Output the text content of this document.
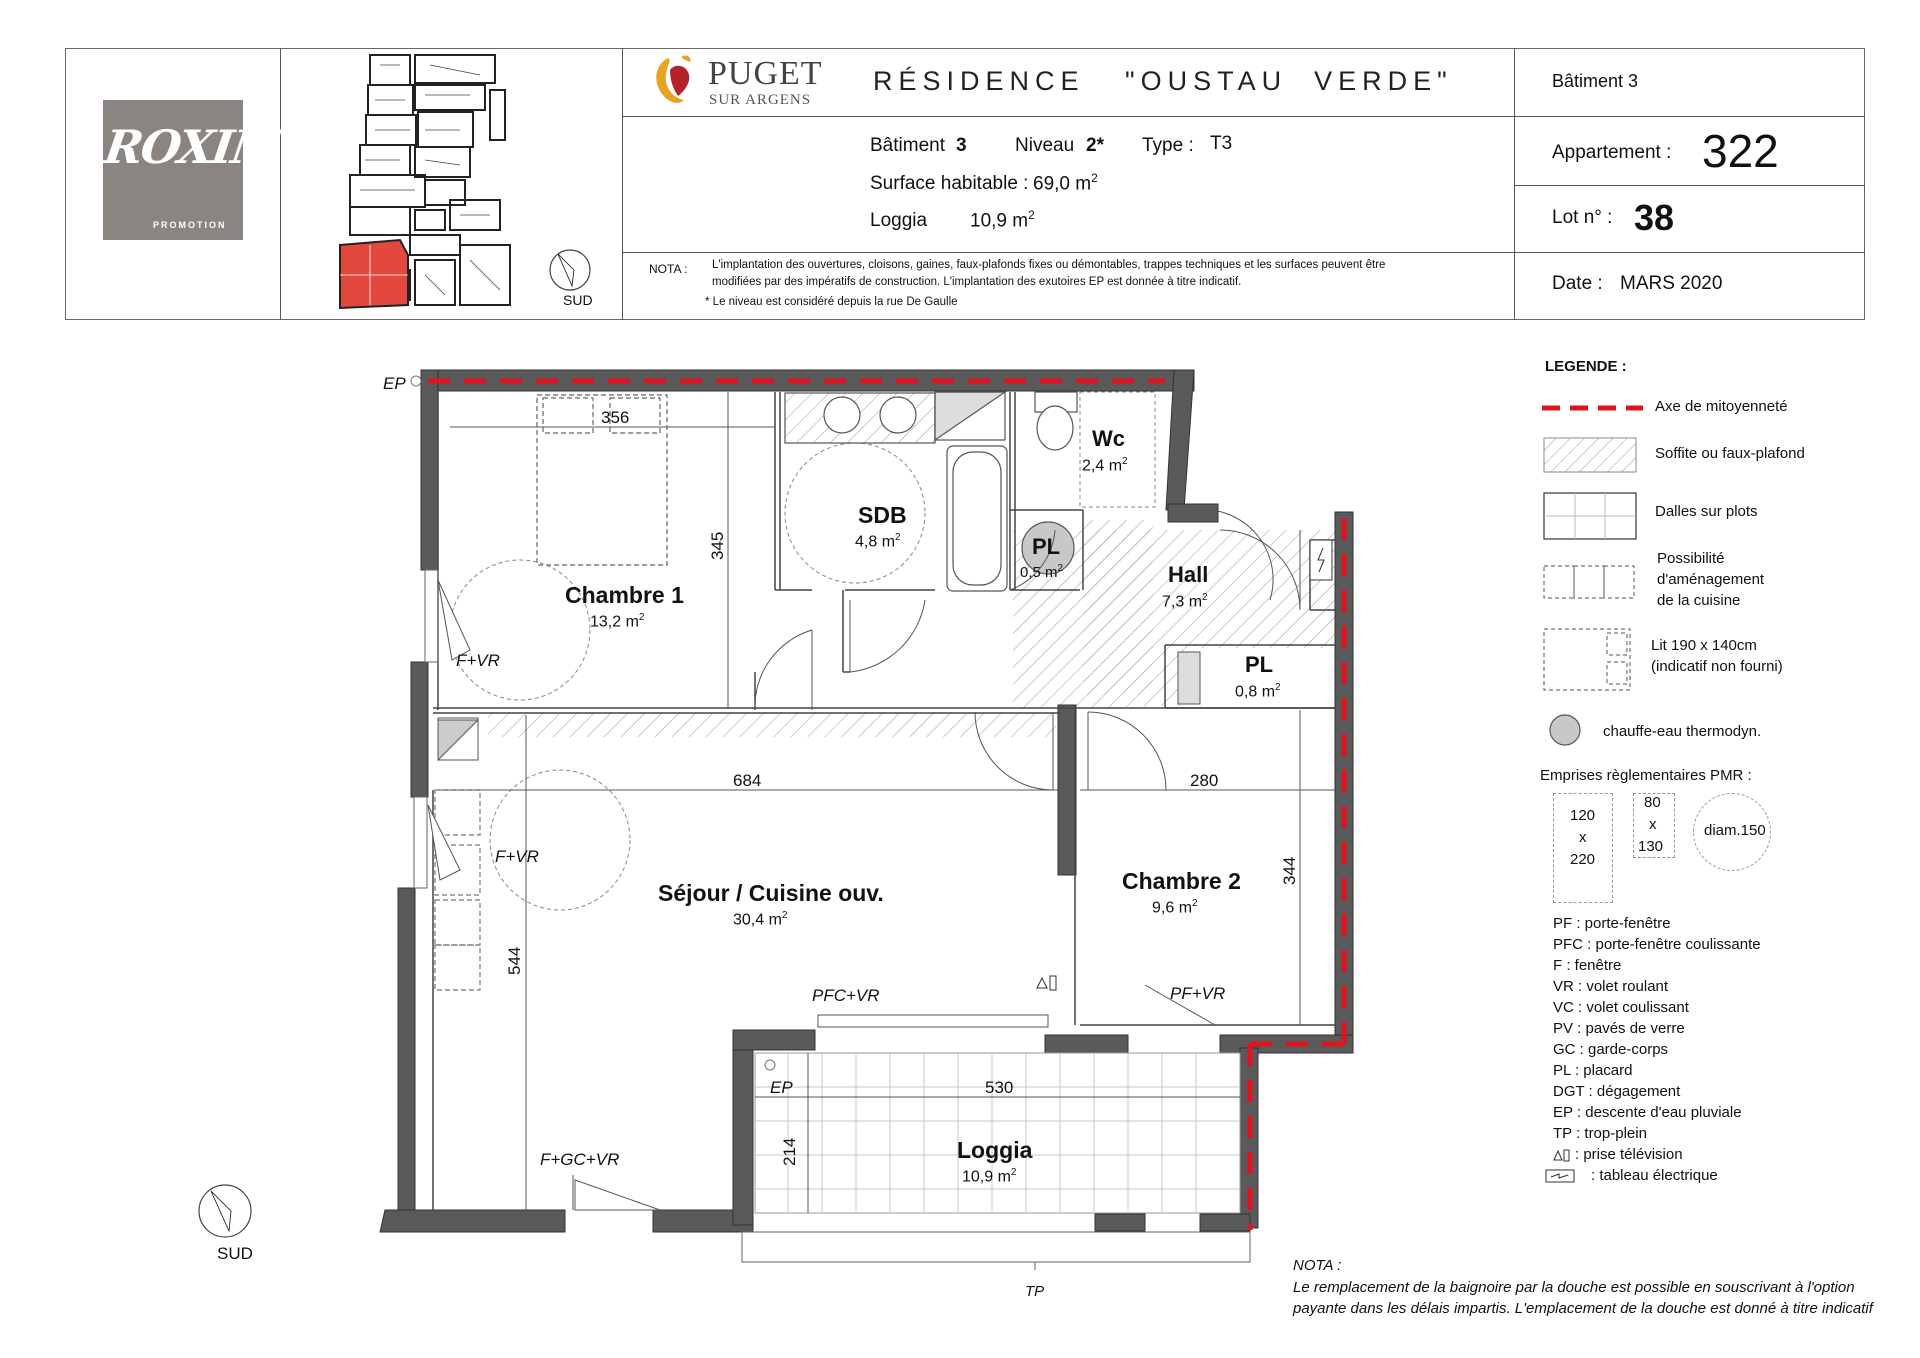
ROXIM
PROMOTION
SUD
PUGET
SUR ARGENS
RÉSIDENCE   "OUSTAU  VERDE"
Bâtiment 3	Niveau 2* Type : T3
Surface habitable : 69,0 $m^2$
Loggia 10,9 $m^2$
NOTA : L'implantation des ouvertures, cloisons, gaines, faux-plafonds fixes ou démontables, trappes techniques et les surfaces peuvent être
modifiées par des impératifs de construction. L'implantation des exutoires EP est donnée à titre indicatif.
* Le niveau est considéré depuis la rue De Gaulle
Bâtiment 3
Appartement : 322
Lot n° : 38
Date : MARS 2020
Chambre 1
13,2 $m^2$
SDB
4,8 $m^2$
Wc
2,4 $m^2$
PL
0,5 $m^2$	Hall
7,3 $m^2$
PL
0,8 $m^2$
Séjour / Cuisine ouv.
30,4 $m^2$
Chambre 2
9,6 $m^2$
Loggia
10,9 $m^2$
356
345
684	280
344
544
530
214
F+VR
F+VR
PFC+VR	PF+VR
F+GC+VR
EP
EP
TP
SUD
LEGENDE :
Axe de mitoyenneté
Soffite ou faux-plafond
Dalles sur plots
Possibilité
d'aménagement
de la cuisine
Lit 190 x 140cm
(indicatif non fourni)
chauffe-eau thermodyn.
Emprises règlementaires PMR :
120
x
220
80
x
130
diam.150
PF : porte-fenêtre
PFC : porte-fenêtre coulissante
F : fenêtre
VR : volet roulant
VC : volet coulissant
PV : pavés de verre
GC : garde-corps
PL : placard
DGT : dégagement
EP : descente d'eau pluviale
TP : trop-plein
: prise télévision
: tableau électrique
NOTA :
Le remplacement de la baignoire par la douche est possible en souscrivant à l'option
payante dans les délais impartis. L'emplacement de la douche est donné à titre indicatif
